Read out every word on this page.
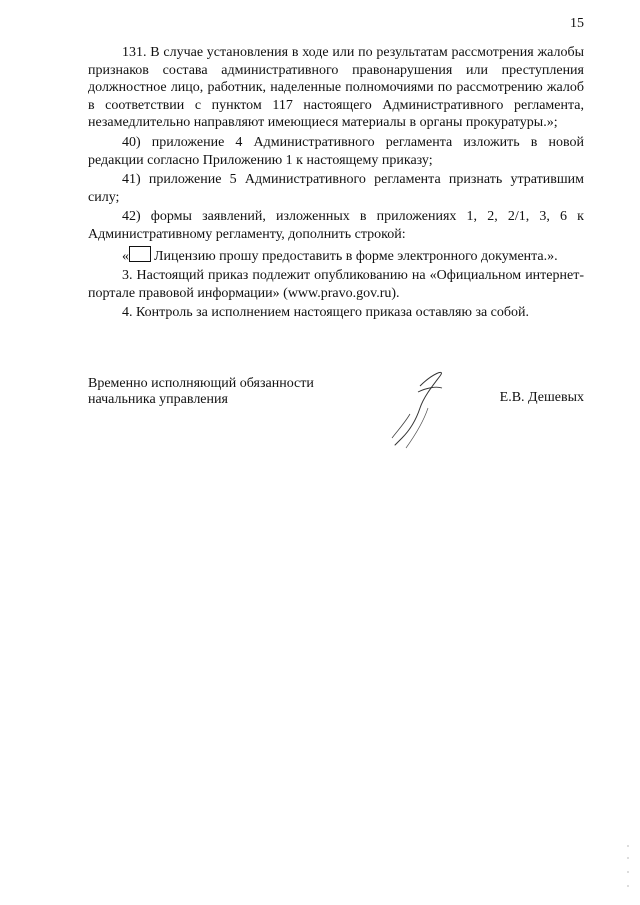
15

131. В случае установления в ходе или по результатам рассмотрения жалобы признаков состава административного правонарушения или преступления должностное лицо, работник, наделенные полномочиями по рассмотрению жалоб в соответствии с пунктом 117 настоящего Административного регламента, незамедлительно направляют имеющиеся материалы в органы прокуратуры.»;

40) приложение 4 Административного регламента изложить в новой редакции согласно Приложению 1 к настоящему приказу;

41) приложение 5 Административного регламента признать утратившим силу;

42) формы заявлений, изложенных в приложениях 1, 2, 2/1, 3, 6 к Административному регламенту, дополнить строкой:

« Лицензию прошу предоставить в форме электронного документа.».

3. Настоящий приказ подлежит опубликованию на «Официальном интернет-портале правовой информации» (www.pravo.gov.ru).

4. Контроль за исполнением настоящего приказа оставляю за собой.

Временно исполняющий обязанности
начальника управления	Е.В. Дешевых
